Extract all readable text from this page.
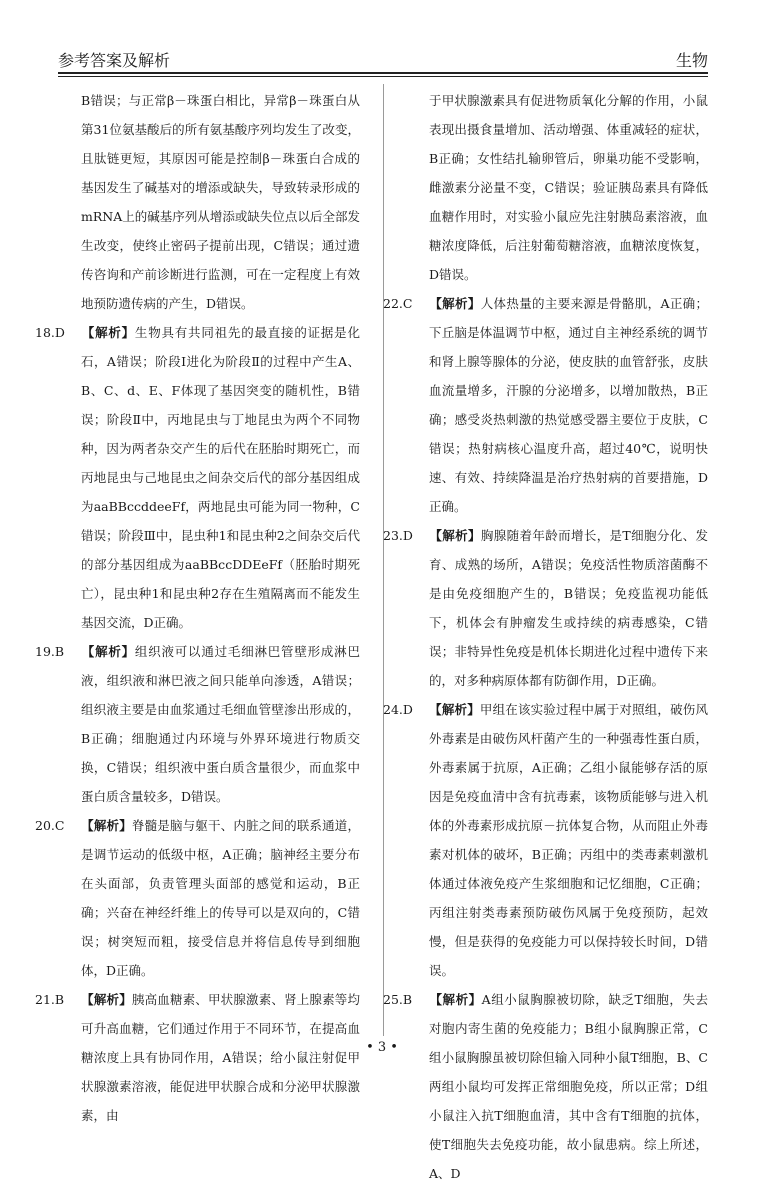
参考答案及解析	生物

B错误；与正常β－珠蛋白相比，异常β－珠蛋白从第31位氨基酸后的所有氨基酸序列均发生了改变，且肽链更短，其原因可能是控制β－珠蛋白合成的基因发生了碱基对的增添或缺失，导致转录形成的mRNA上的碱基序列从增添或缺失位点以后全部发生改变，使终止密码子提前出现，C错误；通过遗传咨询和产前诊断进行监测，可在一定程度上有效地预防遗传病的产生，D错误。

18.D 【解析】生物具有共同祖先的最直接的证据是化石，A错误；阶段Ⅰ进化为阶段Ⅱ的过程中产生A、B、C、d、E、F体现了基因突变的随机性，B错误；阶段Ⅱ中，丙地昆虫与丁地昆虫为两个不同物种，因为两者杂交产生的后代在胚胎时期死亡，而丙地昆虫与己地昆虫之间杂交后代的部分基因组成为aaBBccddeeFf，两地昆虫可能为同一物种，C错误；阶段Ⅲ中，昆虫种1和昆虫种2之间杂交后代的部分基因组成为aaBBccDDEeFf（胚胎时期死亡），昆虫种1和昆虫种2存在生殖隔离而不能发生基因交流，D正确。

19.B 【解析】组织液可以通过毛细淋巴管壁形成淋巴液，组织液和淋巴液之间只能单向渗透，A错误；组织液主要是由血浆通过毛细血管壁渗出形成的，B正确；细胞通过内环境与外界环境进行物质交换，C错误；组织液中蛋白质含量很少，而血浆中蛋白质含量较多，D错误。

20.C 【解析】脊髓是脑与躯干、内脏之间的联系通道，是调节运动的低级中枢，A正确；脑神经主要分布在头面部，负责管理头面部的感觉和运动，B正确；兴奋在神经纤维上的传导可以是双向的，C错误；树突短而粗，接受信息并将信息传导到细胞体，D正确。

21.B 【解析】胰高血糖素、甲状腺激素、肾上腺素等均可升高血糖，它们通过作用于不同环节，在提高血糖浓度上具有协同作用，A错误；给小鼠注射促甲状腺激素溶液，能促进甲状腺合成和分泌甲状腺激素，由

于甲状腺激素具有促进物质氧化分解的作用，小鼠表现出摄食量增加、活动增强、体重减轻的症状，B正确；女性结扎输卵管后，卵巢功能不受影响，雌激素分泌量不变，C错误；验证胰岛素具有降低血糖作用时，对实验小鼠应先注射胰岛素溶液，血糖浓度降低，后注射葡萄糖溶液，血糖浓度恢复，D错误。

22.C 【解析】人体热量的主要来源是骨骼肌，A正确；下丘脑是体温调节中枢，通过自主神经系统的调节和肾上腺等腺体的分泌，使皮肤的血管舒张，皮肤血流量增多，汗腺的分泌增多，以增加散热，B正确；感受炎热刺激的热觉感受器主要位于皮肤，C错误；热射病核心温度升高，超过40℃，说明快速、有效、持续降温是治疗热射病的首要措施，D正确。

23.D 【解析】胸腺随着年龄而增长，是T细胞分化、发育、成熟的场所，A错误；免疫活性物质溶菌酶不是由免疫细胞产生的，B错误；免疫监视功能低下，机体会有肿瘤发生或持续的病毒感染，C错误；非特异性免疫是机体长期进化过程中遗传下来的，对多种病原体都有防御作用，D正确。

24.D 【解析】甲组在该实验过程中属于对照组，破伤风外毒素是由破伤风杆菌产生的一种强毒性蛋白质，外毒素属于抗原，A正确；乙组小鼠能够存活的原因是免疫血清中含有抗毒素，该物质能够与进入机体的外毒素形成抗原－抗体复合物，从而阻止外毒素对机体的破坏，B正确；丙组中的类毒素刺激机体通过体液免疫产生浆细胞和记忆细胞，C正确；丙组注射类毒素预防破伤风属于免疫预防，起效慢，但是获得的免疫能力可以保持较长时间，D错误。

25.B 【解析】A组小鼠胸腺被切除，缺乏T细胞，失去对胞内寄生菌的免疫能力；B组小鼠胸腺正常，C组小鼠胸腺虽被切除但输入同种小鼠T细胞，B、C两组小鼠均可发挥正常细胞免疫，所以正常；D组小鼠注入抗T细胞血清，其中含有T细胞的抗体，使T细胞失去免疫功能，故小鼠患病。综上所述，A、D

• 3 •
